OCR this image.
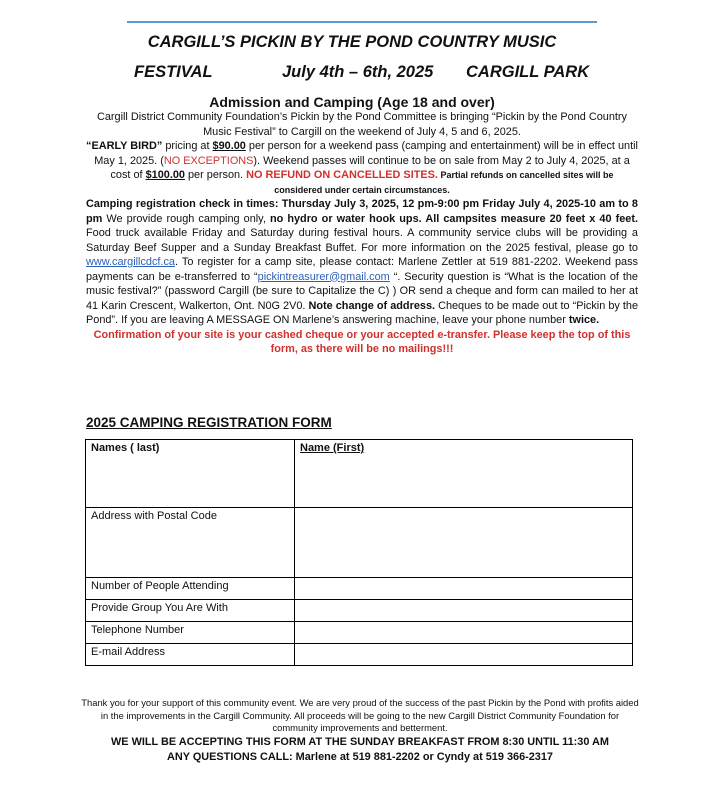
CARGILL’S PICKIN BY THE POND COUNTRY MUSIC
FESTIVAL	July 4th – 6th, 2025 CARGILL PARK
Admission and Camping (Age 18 and over)

Cargill District Community Foundation’s Pickin by the Pond Committee is bringing “Pickin by the Pond Country Music Festival” to Cargill on the weekend of July 4, 5 and 6, 2025.

“EARLY BIRD” pricing at $90.00 per person for a weekend pass (camping and entertainment) will be in effect until May 1, 2025. (NO EXCEPTIONS). Weekend passes will continue to be on sale from May 2 to July 4, 2025, at a cost of $100.00 per person. NO REFUND ON CANCELLED SITES. Partial refunds on cancelled sites will be considered under certain circumstances.

Camping registration check in times: Thursday July 3, 2025, 12 pm-9:00 pm Friday July 4, 2025-10 am to 8 pm We provide rough camping only, no hydro or water hook ups. All campsites measure 20 feet x 40 feet. Food truck available Friday and Saturday during festival hours. A community service clubs will be providing a Saturday Beef Supper and a Sunday Breakfast Buffet. For more information on the 2025 festival, please go to www.cargillcdcf.ca. To register for a camp site, please contact: Marlene Zettler at 519 881-2202. Weekend pass payments can be e-transferred to “pickintreasurer@gmail.com “. Security question is “What is the location of the music festival?” (password Cargill (be sure to Capitalize the C) ) OR send a cheque and form can mailed to her at 41 Karin Crescent, Walkerton, Ont. N0G 2V0. Note change of address. Cheques to be made out to “Pickin by the Pond”. If you are leaving A MESSAGE ON Marlene’s answering machine, leave your phone number twice.

Confirmation of your site is your cashed cheque or your accepted e-transfer. Please keep the top of this form, as there will be no mailings!!!

2025 CAMPING REGISTRATION FORM
Names ( last)	Name (First)
Address with Postal Code	
Number of People Attending	
Provide Group You Are With	
Telephone Number	
E-mail Address	

Thank you for your support of this community event. We are very proud of the success of the past Pickin by the Pond with profits aided in the improvements in the Cargill Community. All proceeds will be going to the new Cargill District Community Foundation for community improvements and betterment.

WE WILL BE ACCEPTING THIS FORM AT THE SUNDAY BREAKFAST FROM 8:30 UNTIL 11:30 AM

ANY QUESTIONS CALL: Marlene at 519 881-2202 or Cyndy at 519 366-2317
